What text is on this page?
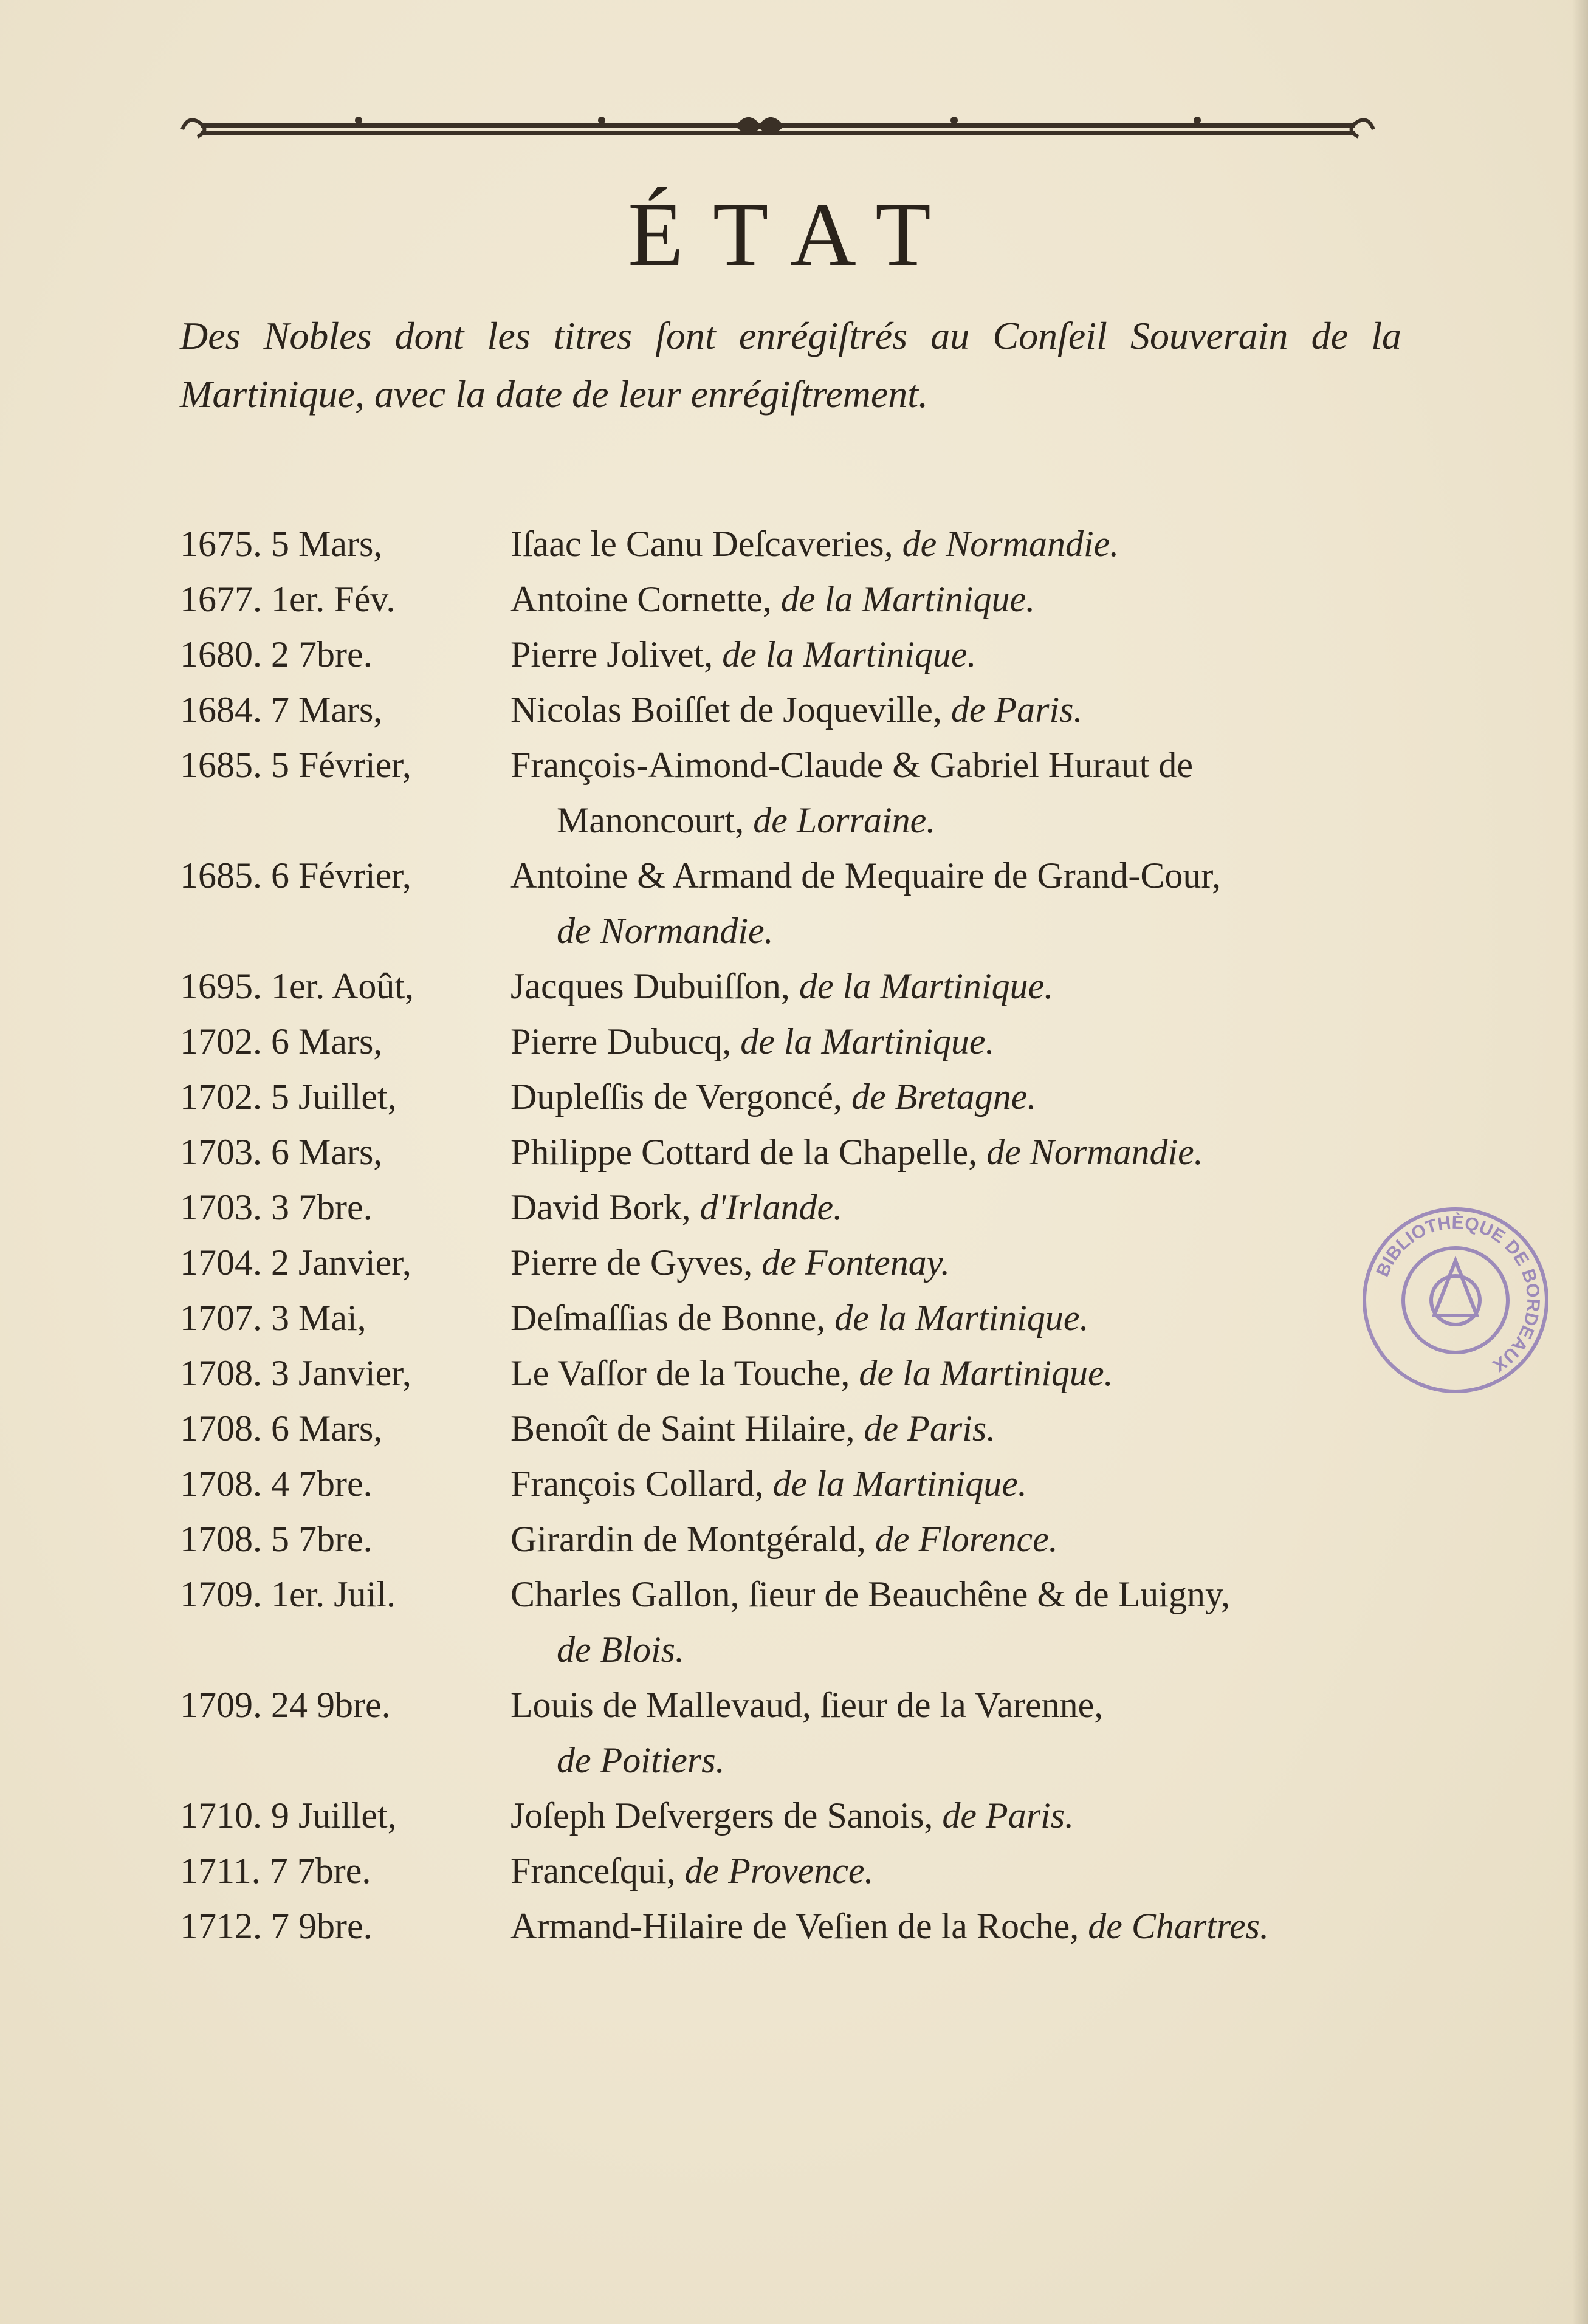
ÉTAT
Des Nobles dont les titres ſont enrégiſtrés au Conſeil Souverain de la Martinique, avec la date de leur enrégiſtrement.
1675. 5 Mars,	Iſaac le Canu Deſcaveries, de Normandie.
1677. 1er. Fév.	Antoine Cornette, de la Martinique.
1680. 2 7bre.	Pierre Jolivet, de la Martinique.
1684. 7 Mars,	Nicolas Boiſſet de Joqueville, de Paris.
1685. 5 Février,	François-Aimond-Claude & Gabriel Huraut de
Manoncourt, de Lorraine.
1685. 6 Février,	Antoine & Armand de Mequaire de Grand-Cour,
de Normandie.
1695. 1er. Août,	Jacques Dubuiſſon, de la Martinique.
1702. 6 Mars,	Pierre Dubucq, de la Martinique.
1702. 5 Juillet,	Dupleſſis de Vergoncé, de Bretagne.
1703. 6 Mars,	Philippe Cottard de la Chapelle, de Normandie.
1703. 3 7bre.	David Bork, d'Irlande.
1704. 2 Janvier,	Pierre de Gyves, de Fontenay.
1707. 3 Mai,	Deſmaſſias de Bonne, de la Martinique.
1708. 3 Janvier,	Le Vaſſor de la Touche, de la Martinique.
1708. 6 Mars,	Benoît de Saint Hilaire, de Paris.
1708. 4 7bre.	François Collard, de la Martinique.
1708. 5 7bre.	Girardin de Montgérald, de Florence.
1709. 1er. Juil.	Charles Gallon, ſieur de Beauchêne & de Luigny,
de Blois.
1709. 24 9bre.	Louis de Mallevaud, ſieur de la Varenne,
de Poitiers.
1710. 9 Juillet,	Joſeph Deſvergers de Sanois, de Paris.
1711. 7 7bre.	Franceſqui, de Provence.
1712. 7 9bre.	Armand-Hilaire de Veſien de la Roche, de Chartres.
BIBLIOTHÈQUE DE BORDEAUX
